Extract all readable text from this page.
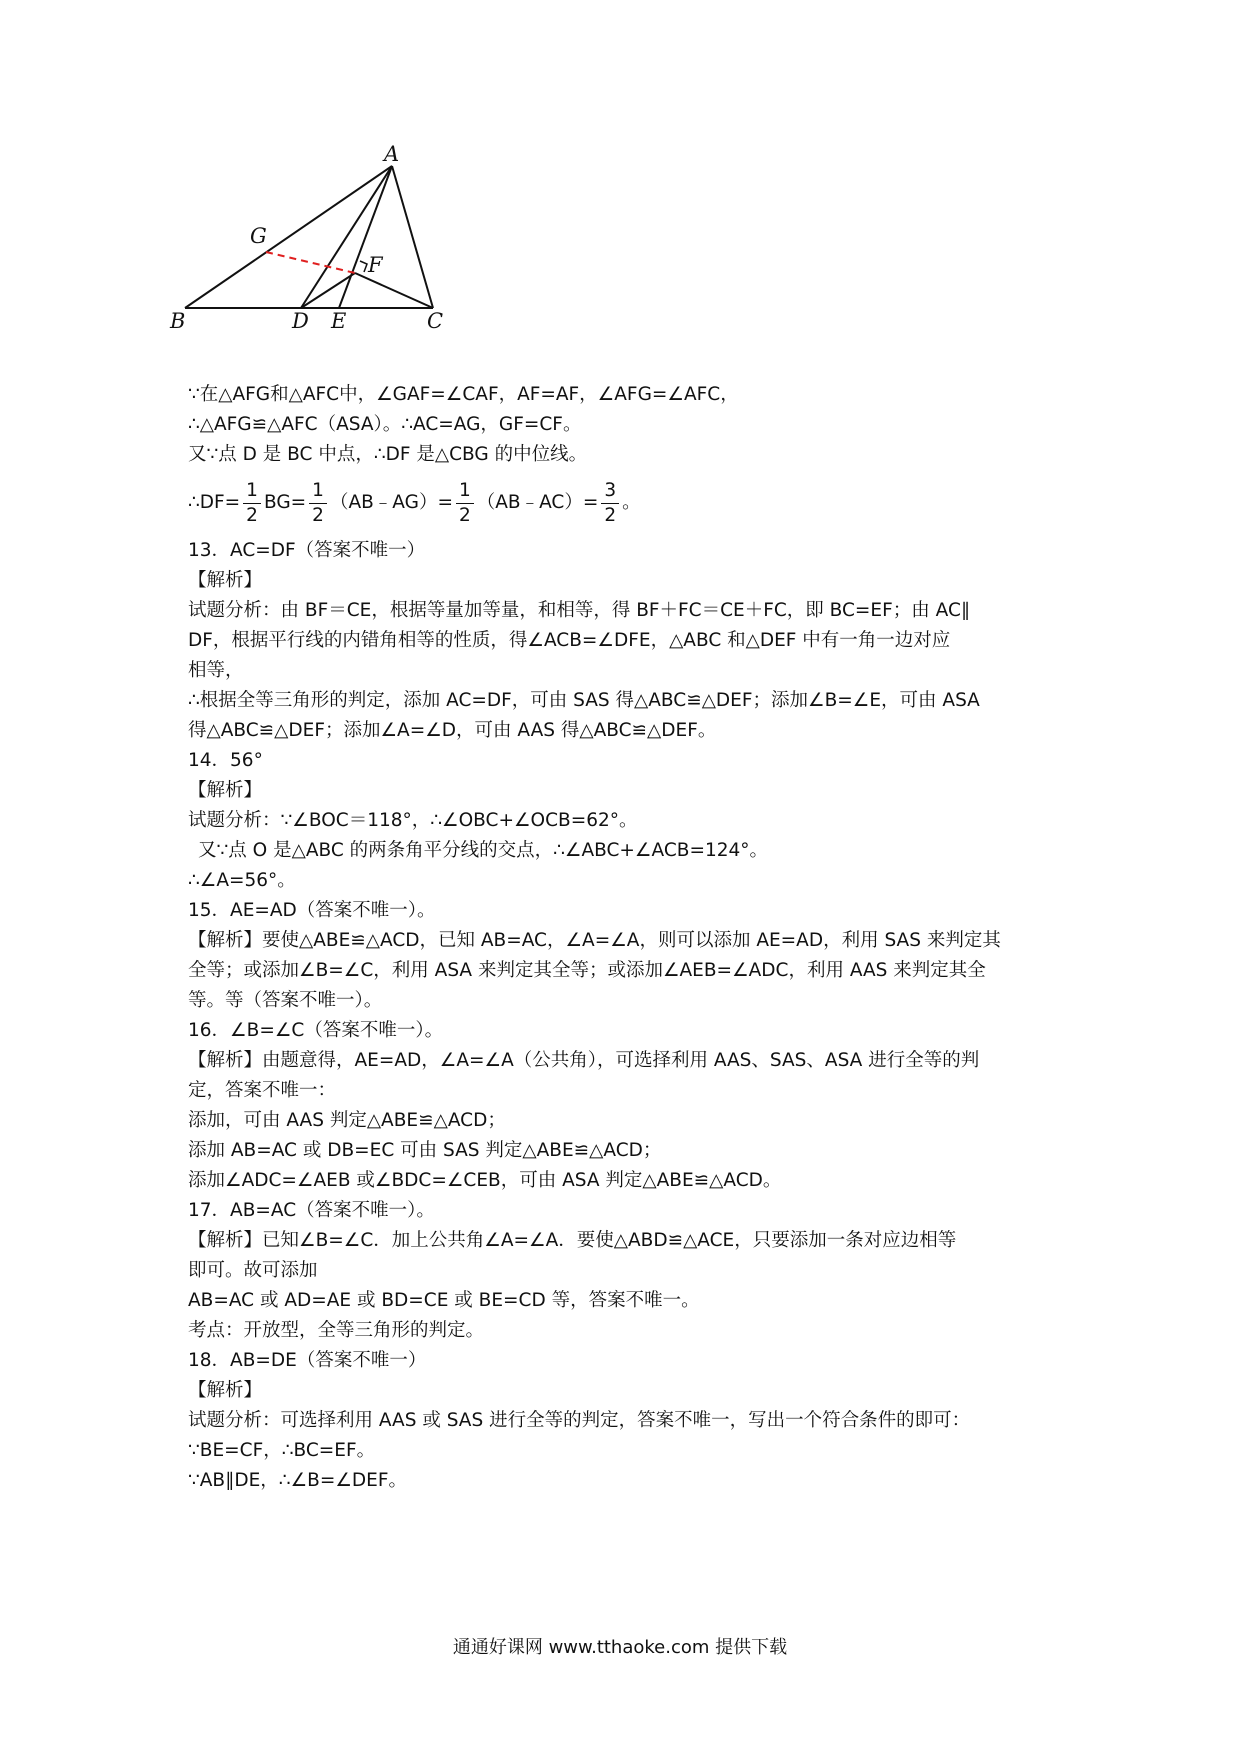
A
B	C
D E
F
G
∵在△AFG和△AFC中，∠GAF=∠CAF，AF=AF，∠AFG=∠AFC，
∴△AFG≌△AFC（ASA）。∴AC=AG，GF=CF。
又∵点 D 是 BC 中点，∴DF 是△CBG 的中位线。
∴DF= $\frac{1}{2} BG= \frac{1}{2}$ （AB﹣AG）= $\frac{1}{2}$ （AB﹣AC）= $\frac{3}{2}$ 。
13．AC=DF（答案不唯一）
【解析】
试题分析：由 BF＝CE，根据等量加等量，和相等，得 BF＋FC＝CE＋FC，即 BC=EF；由 AC∥
DF，根据平行线的内错角相等的性质，得∠ACB=∠DFE，△ABC 和△DEF 中有一角一边对应
相等，
∴根据全等三角形的判定，添加 AC=DF，可由 SAS 得△ABC≌△DEF；添加∠B=∠E，可由 ASA
得△ABC≌△DEF；添加∠A=∠D，可由 AAS 得△ABC≌△DEF。
14．56°
【解析】
试题分析：∵∠BOC＝118°，∴∠OBC+∠OCB=62°。
又∵点 O 是△ABC 的两条角平分线的交点，∴∠ABC+∠ACB=124°。
∴∠A=56°。
15．AE=AD（答案不唯一）。
【解析】要使△ABE≌△ACD，已知 AB=AC，∠A=∠A，则可以添加 AE=AD，利用 SAS 来判定其
全等；或添加∠B=∠C，利用 ASA 来判定其全等；或添加∠AEB=∠ADC，利用 AAS 来判定其全
等。等（答案不唯一）。
16．∠B=∠C（答案不唯一）。
【解析】由题意得，AE=AD，∠A=∠A（公共角），可选择利用 AAS、SAS、ASA 进行全等的判
定，答案不唯一：
添加，可由 AAS 判定△ABE≌△ACD；
添加 AB=AC 或 DB=EC 可由 SAS 判定△ABE≌△ACD；
添加∠ADC=∠AEB 或∠BDC=∠CEB，可由 ASA 判定△ABE≌△ACD。
17．AB=AC（答案不唯一）。
【解析】已知∠B=∠C．加上公共角∠A=∠A．要使△ABD≌△ACE，只要添加一条对应边相等
即可。故可添加
AB=AC 或 AD=AE 或 BD=CE 或 BE=CD 等，答案不唯一。
考点：开放型，全等三角形的判定。
18．AB=DE（答案不唯一）
【解析】
试题分析：可选择利用 AAS 或 SAS 进行全等的判定，答案不唯一，写出一个符合条件的即可：
∵BE=CF，∴BC=EF。
∵AB∥DE，∴∠B=∠DEF。
通通好课网 www.tthaoke.com 提供下载
